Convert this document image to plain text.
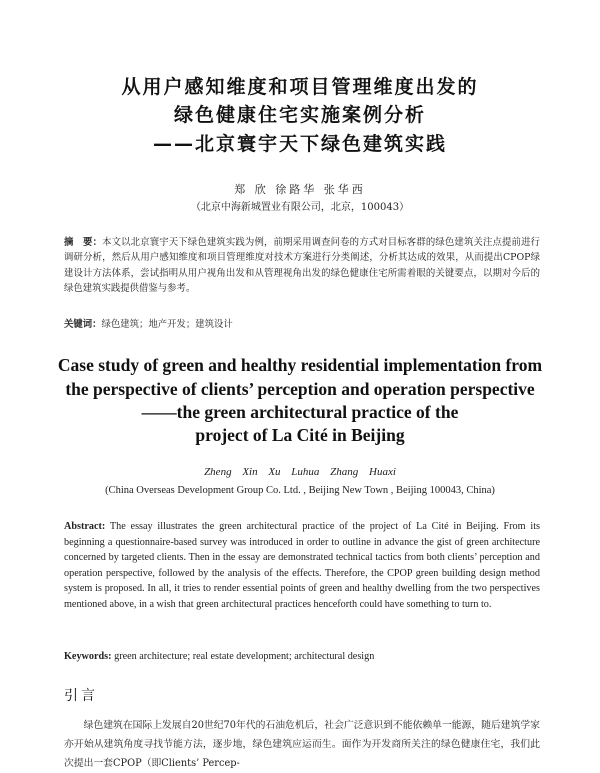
从用户感知维度和项目管理维度出发的
绿色健康住宅实施案例分析
——北京寰宇天下绿色建筑实践
郑 欣 徐路华 张华西
（北京中海新城置业有限公司，北京，100043）
摘　要：本文以北京寰宇天下绿色建筑实践为例，前期采用调查问卷的方式对目标客群的绿色建筑关注点提前进行调研分析，然后从用户感知维度和项目管理维度对技术方案进行分类阐述，分析其达成的效果，从而提出CPOP绿建设计方法体系，尝试指明从用户视角出发和从管理视角出发的绿色健康住宅所需着眼的关键要点，以期对今后的绿色建筑实践提供借鉴与参考。
关键词：绿色建筑；地产开发；建筑设计
Case study of green and healthy residential implementation from
the perspective of clients’ perception and operation perspective
——the green architectural practice of the
project of La Cité in Beijing
Zheng Xin Xu Luhua Zhang Huaxi
(China Overseas Development Group Co. Ltd. , Beijing New Town , Beijing 100043, China)
Abstract: The essay illustrates the green architectural practice of the project of La Cité in Beijing. From its beginning a questionnaire-based survey was introduced in order to outline in advance the gist of green architecture concerned by targeted clients. Then in the essay are demonstrated technical tactics from both clients’ perception and operation perspective, followed by the analysis of the effects. Therefore, the CPOP green building design method system is proposed. In all, it tries to render essential points of green and healthy dwelling from the two perspectives mentioned above, in a wish that green architectural practices henceforth could have something to turn to.
Keywords: green architecture; real estate development; architectural design
引言
绿色建筑在国际上发展自20世纪70年代的石油危机后，社会广泛意识到不能依赖单一能源，随后建筑学家亦开始从建筑角度寻找节能方法，逐步地，绿色建筑应运而生。面作为开发商所关注的绿色健康住宅，我们此次提出一套CPOP（即Clients’ Percep-
